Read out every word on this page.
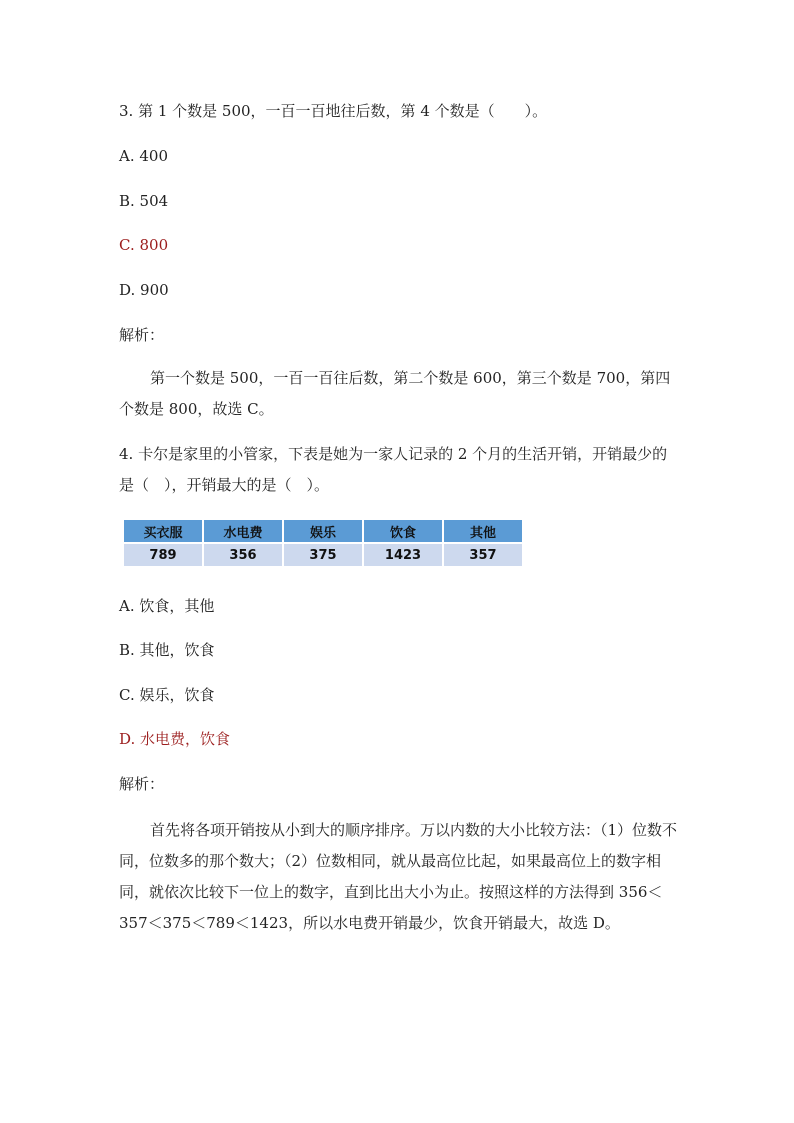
3. 第 1 个数是 500，一百一百地往后数，第 4 个数是（　　）。
A. 400
B. 504
C. 800
D. 900
解析：
第一个数是 500，一百一百往后数，第二个数是 600，第三个数是 700，第四个数是 800，故选 C。
4. 卡尔是家里的小管家，下表是她为一家人记录的 2 个月的生活开销，开销最少的是（　），开销最大的是（　）。
买衣服	水电费	娱乐	饮食	其他
789	356	375	1423	357
A. 饮食，其他
B. 其他，饮食
C. 娱乐，饮食
D. 水电费，饮食
解析：
首先将各项开销按从小到大的顺序排序。万以内数的大小比较方法：（1）位数不同，位数多的那个数大；（2）位数相同，就从最高位比起，如果最高位上的数字相同，就依次比较下一位上的数字，直到比出大小为止。按照这样的方法得到 356＜357＜375＜789＜1423，所以水电费开销最少，饮食开销最大，故选 D。
